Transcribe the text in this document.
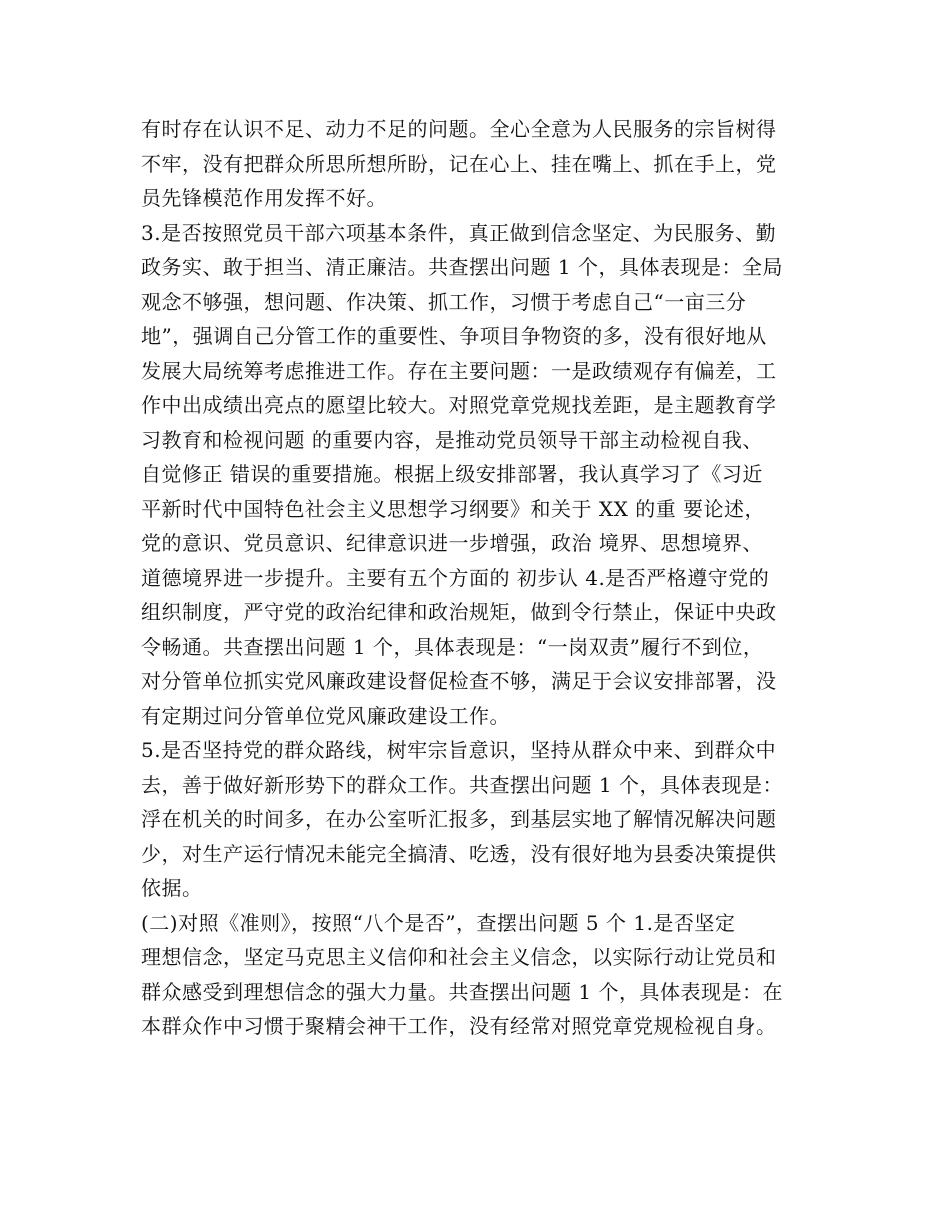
有时存在认识不足、动力不足的问题。全心全意为人民服务的宗旨树得
不牢，没有把群众所思所想所盼，记在心上、挂在嘴上、抓在手上，党
员先锋模范作用发挥不好。
3.是否按照党员干部六项基本条件，真正做到信念坚定、为民服务、勤
政务实、敢于担当、清正廉洁。共查摆出问题 1 个，具体表现是：全局
观念不够强，想问题、作决策、抓工作，习惯于考虑自己“一亩三分
地”，强调自己分管工作的重要性、争项目争物资的多，没有很好地从
发展大局统筹考虑推进工作。存在主要问题：一是政绩观存有偏差，工
作中出成绩出亮点的愿望比较大。对照党章党规找差距，是主题教育学
习教育和检视问题 的重要内容，是推动党员领导干部主动检视自我、
自觉修正 错误的重要措施。根据上级安排部署，我认真学习了《习近
平新时代中国特色社会主义思想学习纲要》和关于 XX 的重 要论述，
党的意识、党员意识、纪律意识进一步增强，政治 境界、思想境界、
道德境界进一步提升。主要有五个方面的 初步认 4.是否严格遵守党的
组织制度，严守党的政治纪律和政治规矩，做到令行禁止，保证中央政
令畅通。共查摆出问题 1 个，具体表现是：“一岗双责”履行不到位，
对分管单位抓实党风廉政建设督促检查不够，满足于会议安排部署，没
有定期过问分管单位党风廉政建设工作。
5.是否坚持党的群众路线，树牢宗旨意识，坚持从群众中来、到群众中
去，善于做好新形势下的群众工作。共查摆出问题 1 个，具体表现是：
浮在机关的时间多，在办公室听汇报多，到基层实地了解情况解决问题
少，对生产运行情况未能完全搞清、吃透，没有很好地为县委决策提供
依据。
(二)对照《准则》，按照“八个是否”，查摆出问题 5 个 1.是否坚定
理想信念，坚定马克思主义信仰和社会主义信念，以实际行动让党员和
群众感受到理想信念的强大力量。共查摆出问题 1 个，具体表现是：在
本群众作中习惯于聚精会神干工作，没有经常对照党章党规检视自身。
